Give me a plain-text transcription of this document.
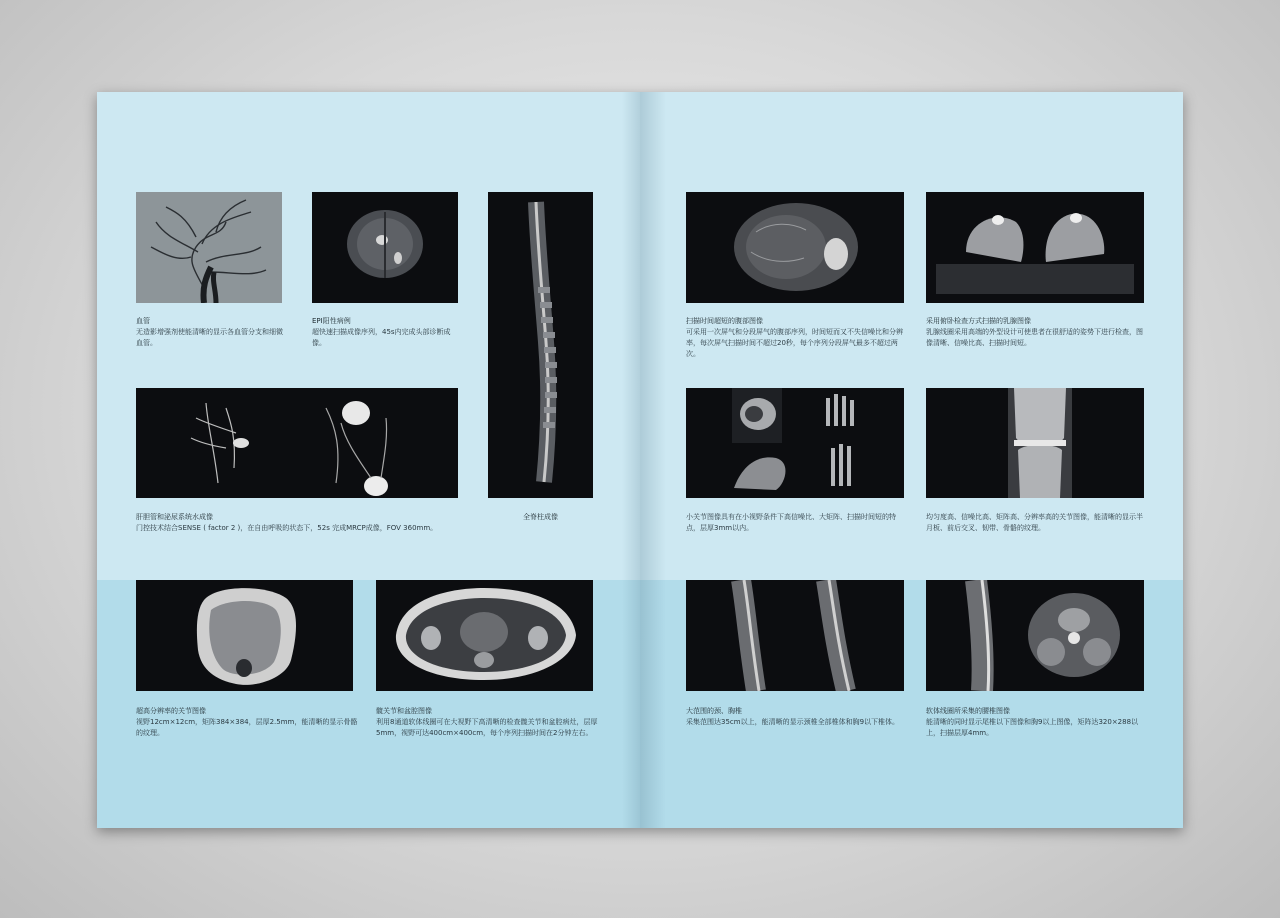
血管
无造影增强剂使能清晰的显示各血管分支和细微血管。
EPI阳性病例
超快速扫描成像序列，45s内完成头部诊断成像。
全脊柱成像
肝胆管和泌尿系统水成像
门控技术结合SENSE ( factor 2 )，在自由呼吸的状态下，52s 完成MRCP成像，FOV 360mm。
超高分辨率的关节图像
视野12cm×12cm，矩阵384×384，层厚2.5mm，能清晰的显示骨骼的纹理。
髋关节和盆腔图像
利用8通道软体线圈可在大视野下高清晰的检查髋关节和盆腔病灶，层厚5mm，视野可达400cm×400cm，每个序列扫描时间在2分钟左右。
扫描时间超短的腹部图像
可采用一次屏气和分段屏气的腹部序列，时间短而又不失信噪比和分辨率，每次屏气扫描时间不超过20秒，每个序列分段屏气最多不超过两次。
采用俯卧检查方式扫描的乳腺图像
乳腺线圈采用高端的外型设计可使患者在很舒适的姿势下进行检查，图像清晰、信噪比高、扫描时间短。
小关节图像具有在小视野条件下高信噪比、大矩阵、扫描时间短的特点，层厚3mm以内。
均匀度高、信噪比高、矩阵高、分辨率高的关节图像，能清晰的显示半月板、前后交叉、韧带、骨骼的纹理。
大范围的颈、胸椎
采集范围达35cm以上，能清晰的显示颈椎全部椎体和胸9以下椎体。
软体线圈所采集的腰椎图像
能清晰的同时显示尾椎以下图像和胸9以上图像，矩阵达320×288以上，扫描层厚4mm。
